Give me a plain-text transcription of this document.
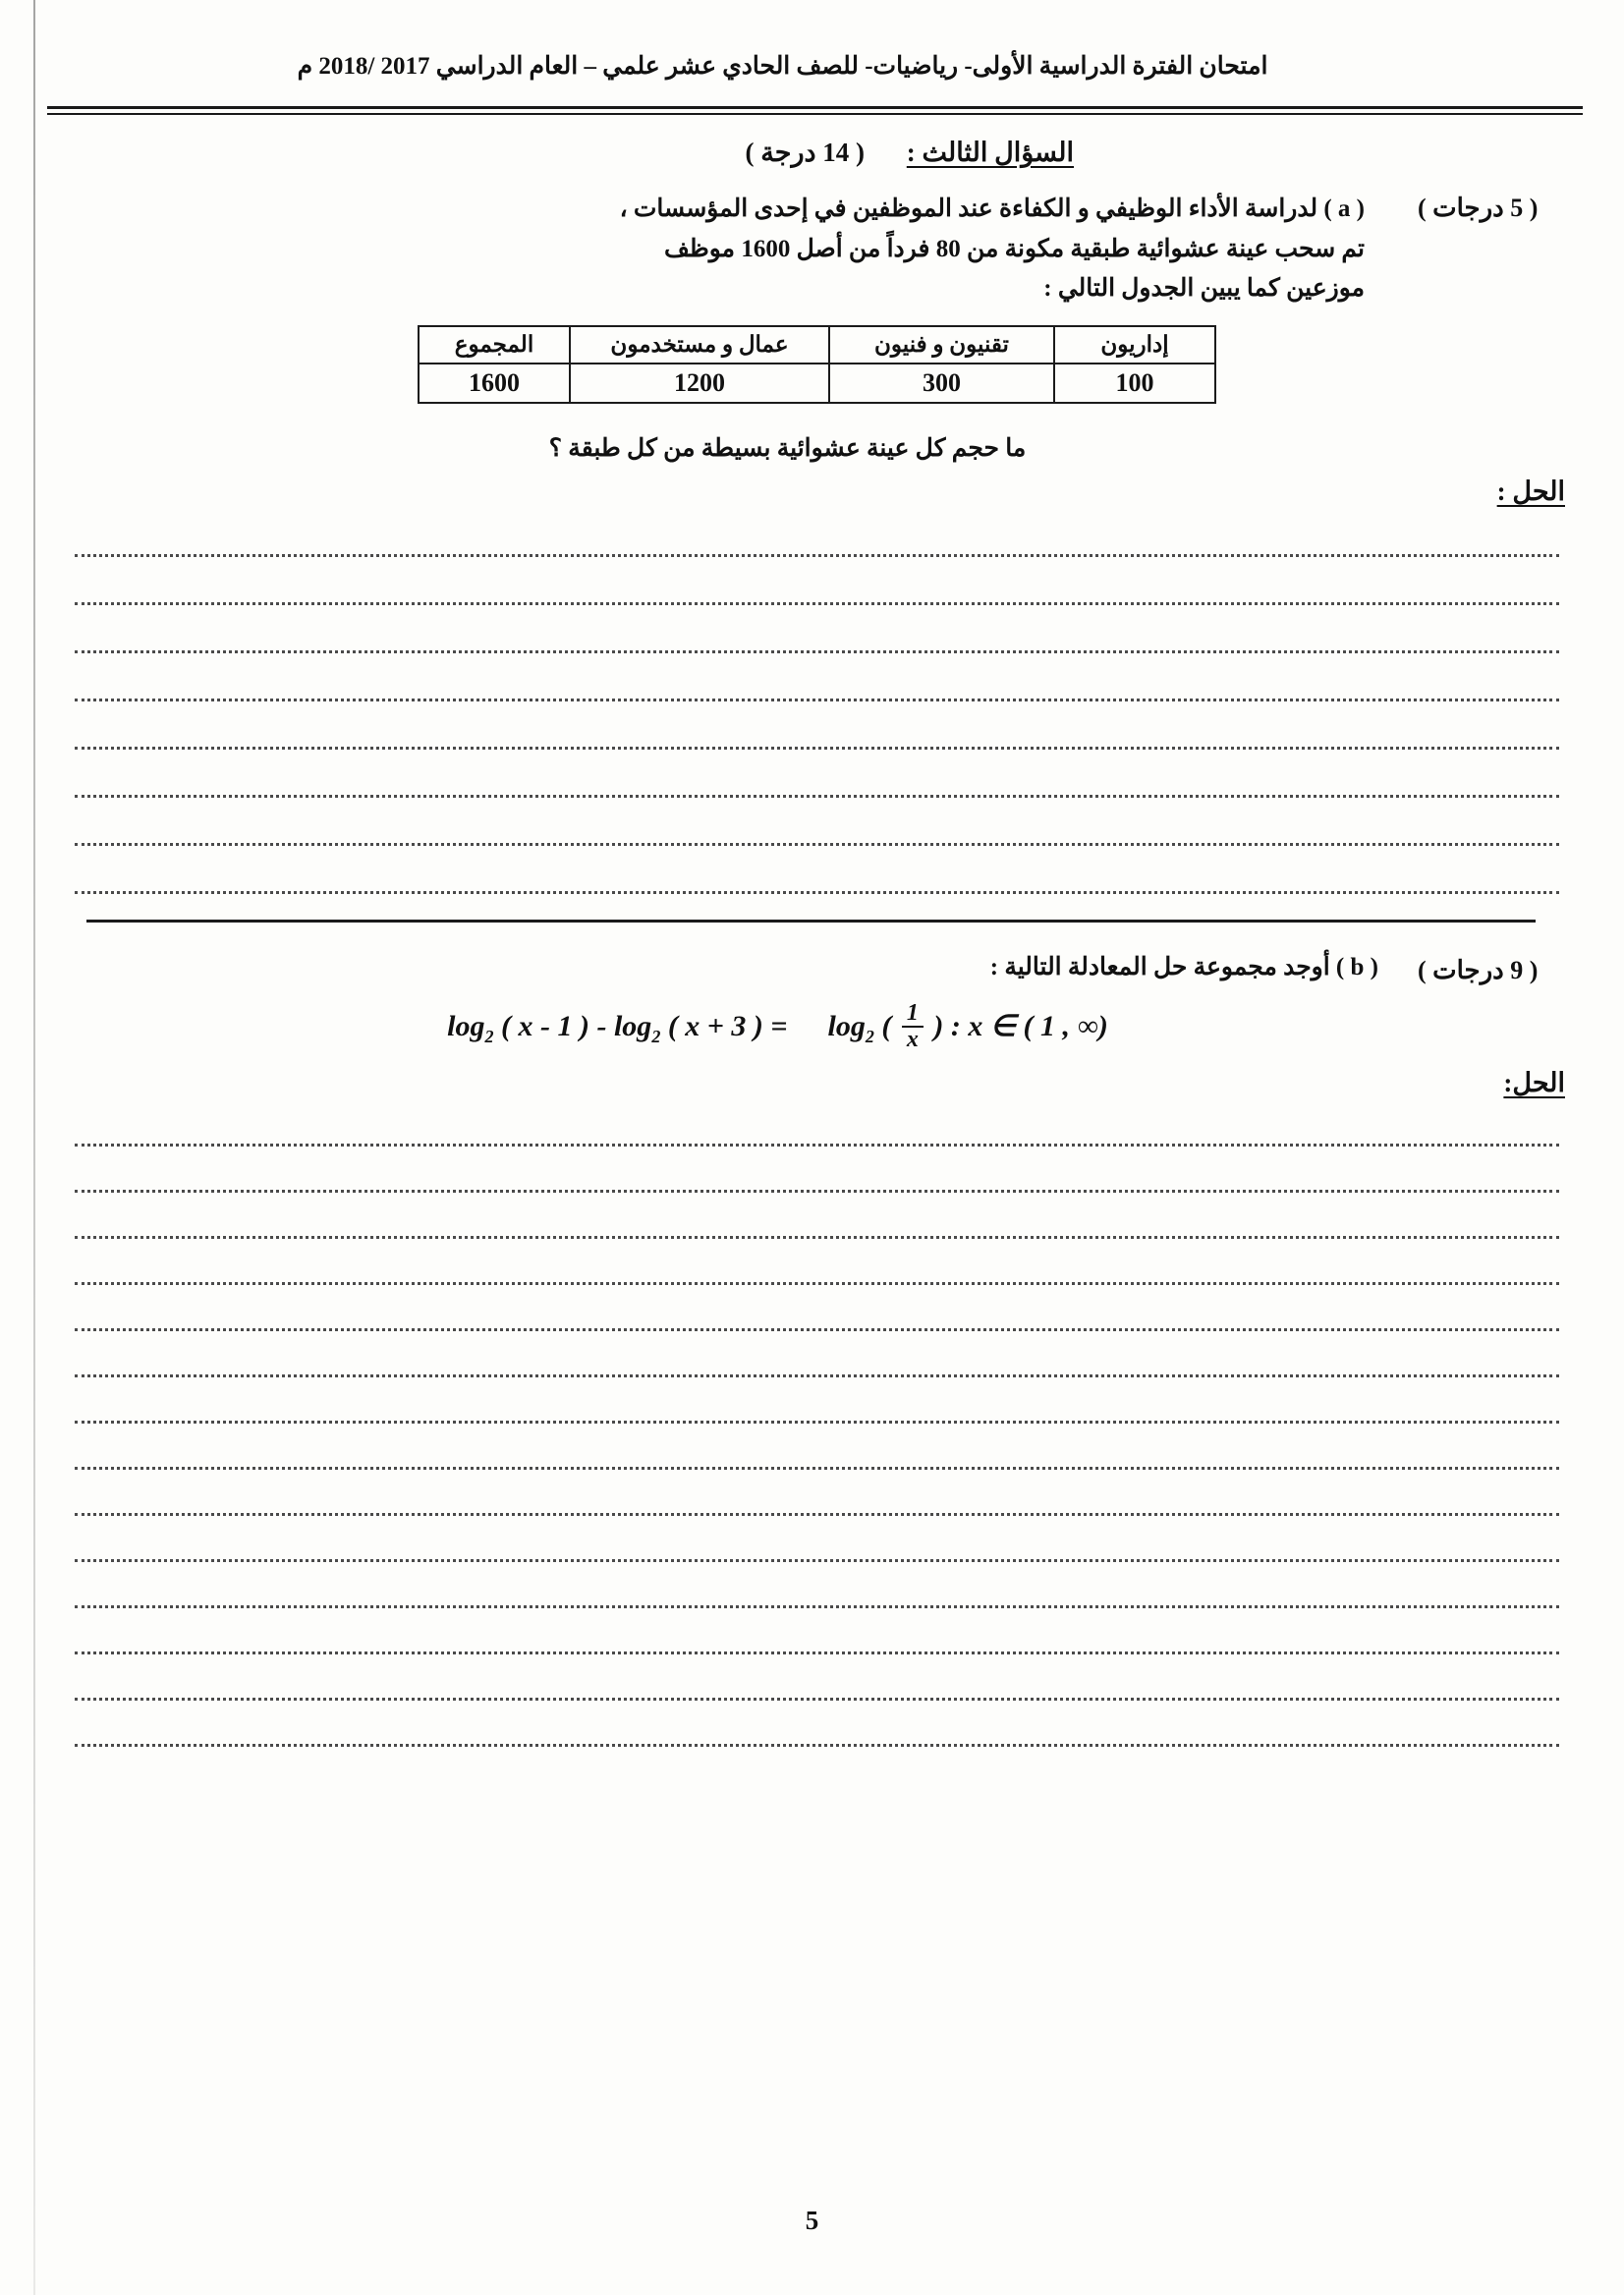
امتحان الفترة الدراسية الأولى- رياضيات- للصف الحادي عشر علمي – العام الدراسي 2017 /2018 م
السؤال الثالث : ( 14 درجة )
( 5 درجات )
( a ) لدراسة الأداء الوظيفي و الكفاءة عند الموظفين في إحدى المؤسسات ،
تم سحب عينة عشوائية طبقية مكونة من 80 فرداً من أصل 1600 موظف
موزعين كما يبين الجدول التالي :
إداريون	تقنيون و فنيون	عمال و مستخدمون	المجموع
100	300	1200	1600
ما حجم كل عينة عشوائية بسيطة من كل طبقة ؟
الحل :
( 9 درجات )
( b ) أوجد مجموعة حل المعادلة التالية :
$\log_2$ ( x - 1 ) - $\log_2$ ( x + 3 ) = $\log_2$ ( $\frac{1}{x}$ ) : x ∈ ( 1 , ∞)
الحل:
5
